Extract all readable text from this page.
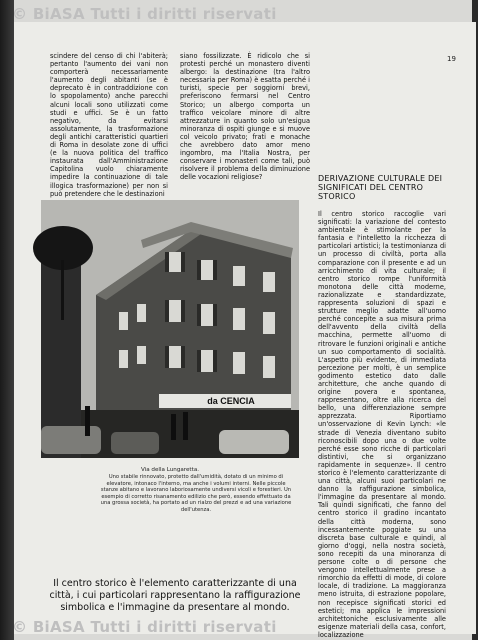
© BiASA Tutti i diritti riservati
19

scindere del censo di chi l'abiterà; pertanto l'aumento dei vani non comporterà necessariamente l'aumento degli abitanti (se è deprecato è in contraddizione con lo spopolamento) anche parecchi alcuni locali sono utilizzati come studi e uffici. Se è un fatto negativo, da evitarsi assolutamente, la trasformazione degli antichi caratteristici quartieri di Roma in desolate zone di uffici (e la nuova politica del traffico instaurata dall'Amministrazione Capitolina vuolo chiaramente impedire la continuazione di tale illogica trasformazione) per non si può pretendere che le destinazioni

siano fossilizzate. È ridicolo che si protesti perché un monastero diventi albergo: la destinazione (tra l'altro necessaria per Roma) è esatta perché i turisti, specie per soggiorni brevi, preferiscono fermarsi nel Centro Storico; un albergo comporta un traffico veicolare minore di altre attrezzature in quanto solo un'esigua minoranza di ospiti giunge e si muove col veicolo privato; frati e monache che avrebbero dato amor meno ingombro, ma l'Italia Nostra, per conservare i monasteri come tali, può risolvere il problema della diminuzione delle vocazioni religiose?	DERIVAZIONE CULTURALE DEI SIGNIFICATI DEL CENTRO STORICO

Il centro storico raccoglie vari significati: la variazione del contesto ambientale è stimolante per la fantasia e l'intelletto la ricchezza di particolari artistici; la testimonianza di un processo di civiltà, porta alla comparazione con il presente e ad un arricchimento di vita culturale; il centro storico rompe l'uniformità monotona delle città moderne, razionalizzate e standardizzate, rappresenta soluzioni di spazi e strutture meglio adatte all'uomo perché concepite a sua misura prima dell'avvento della civiltà della macchina, permette all'uomo di ritrovare le funzioni originali e antiche un suo comportamento di socialità. L'aspetto più evidente, di immediata percezione per molti, è un semplice godimento estetico dato dalle architetture, che anche quando di origine povera e spontanea, rappresentano, oltre alla ricerca del bello, una differenziazione sempre apprezzata. Riportiamo un'osservazione di Kevin Lynch: «le strade di Venezia diventano subito riconoscibili dopo una o due volte perché esse sono ricche di particolari distintivi, che si organizzano rapidamente in sequenze». Il centro storico è l'elemento caratterizzante di una città, alcuni suoi particolari ne danno la raffigurazione simbolica, l'immagine da presentare al mondo. Tali quindi significati, che fanno del centro storico il gradino incantato della città moderna, sono incessantemente poggiate su una discreta base culturale e quindi, al giorno d'oggi, nella nostra società, sono recepiti da una minoranza di persone colte o di persone che vengono intellettualmente prese a rimorchio da effetti di mode, di colore locale, di tradizione. La maggioranza meno istruita, di estrazione popolare, non recepisce significati storici ed estetici; ma applica le impressioni architettoniche esclusivamente alle esigenze materiali della casa, confort, localizzazione

da CENCIA
Via della Lungaretta.
Uno stabile rinnovato, protetto dall'umidità, dotato di un minimo di elevatore, intonaco l'interno, ma anche i volumi interni. Nelle piccole stanze abitano e lavorano laboriosamente undiversi vicoli e forestieri. Un esempio di corretto risanamento edilizio che però, essendo effettuato da una grossa società, ha portato ad un rialzo del prezzi e ad una variazione dell'utenza.
Il centro storico è l'elemento caratterizzante di una città, i cui particolari rappresentano la raffigurazione simbolica e l'immagine da presentare al mondo.
© BiASA Tutti i diritti riservati
